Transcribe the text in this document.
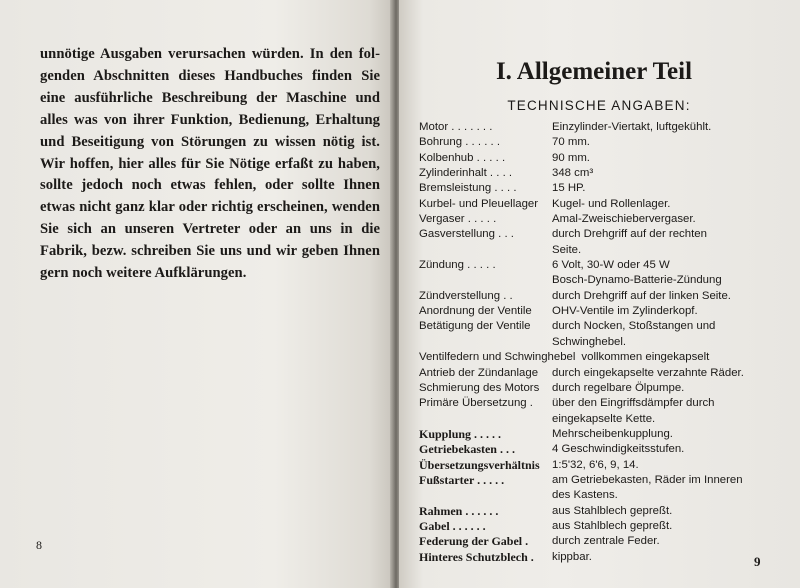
unnötige Ausgaben verursachen würden. In den fol-
genden Abschnitten dieses Handbuches finden Sie
eine ausführliche Beschreibung der Maschine und
alles was von ihrer Funktion, Bedienung, Erhaltung
und Beseitigung von Störungen zu wissen nötig ist.
Wir hoffen, hier alles für Sie Nötige erfaßt zu haben,
sollte jedoch noch etwas fehlen, oder sollte Ihnen
etwas nicht ganz klar oder richtig erscheinen, wenden
Sie sich an unseren Vertreter oder an uns in die
Fabrik, bezw. schreiben Sie uns und wir geben Ihnen
gern noch weitere Aufklärungen.
8
I. Allgemeiner Teil
TECHNISCHE ANGABEN:
Motor . . . . . . .	Einzylinder-Viertakt, luftgekühlt.
Bohrung . . . . . .	70 mm.
Kolbenhub . . . . .	90 mm.
Zylinderinhalt . . . .	348 cm³
Bremsleistung . . . .	15 HP.
Kurbel- und Pleuellager	Kugel- und Rollenlager.
Vergaser . . . . .	Amal-Zweischiebervergaser.
Gasverstellung . . .	durch Drehgriff auf der rechten
Seite.
Zündung . . . . .	6 Volt, 30-W oder 45 W
Bosch-Dynamo-Batterie-Zündung
Zündverstellung . .	durch Drehgriff auf der linken Seite.
Anordnung der Ventile	OHV-Ventile im Zylinderkopf.
Betätigung der Ventile	durch Nocken, Stoßstangen und
Schwinghebel.
Ventilfedern und Schwinghebel vollkommen eingekapselt
Antrieb der Zündanlage	durch eingekapselte verzahnte Räder.
Schmierung des Motors	durch regelbare Ölpumpe.
Primäre Übersetzung .	über den Eingriffsdämpfer durch
eingekapselte Kette.
Kupplung . . . . .	Mehrscheibenkupplung.
Getriebekasten . . .	4 Geschwindigkeitsstufen.
Übersetzungsverhältnis	1:5'32, 6'6, 9, 14.
Fußstarter . . . . .	am Getriebekasten, Räder im Inneren
des Kastens.
Rahmen . . . . . .	aus Stahlblech gepreßt.
Gabel . . . . . .	aus Stahlblech gepreßt.
Federung der Gabel .	durch zentrale Feder.
Hinteres Schutzblech .	kippbar.	9
